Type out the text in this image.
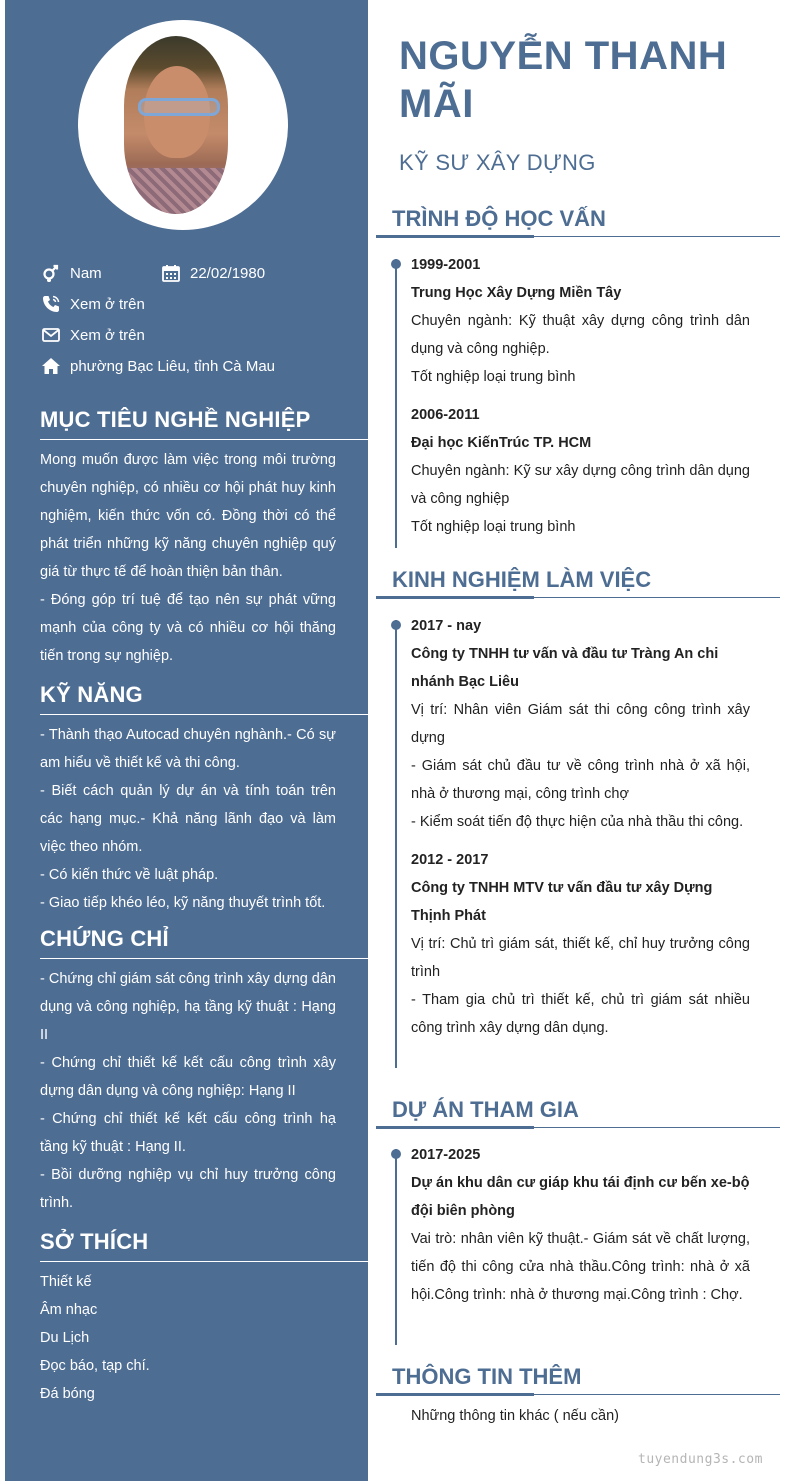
Nam	22/02/1980
Xem ở trên
Xem ở trên
phường Bạc Liêu, tỉnh Cà Mau
MỤC TIÊU NGHỀ NGHIỆP

Mong muốn được làm việc trong môi trường chuyên nghiệp, có nhiều cơ hội phát huy kinh nghiệm, kiến thức vốn có. Đồng thời có thể phát triển những kỹ năng chuyên nghiệp quý giá từ thực tế để hoàn thiện bản thân.

- Đóng góp trí tuệ để tạo nên sự phát vững mạnh của công ty và có nhiều cơ hội thăng tiến trong sự nghiệp.

KỸ NĂNG

- Thành thạo Autocad chuyên nghành.- Có sự am hiểu về thiết kế và thi công.

- Biết cách quản lý dự án và tính toán trên các hạng mục.- Khả năng lãnh đạo và làm việc theo nhóm.

- Có kiến thức về luật pháp.

- Giao tiếp khéo léo, kỹ năng thuyết trình tốt.

CHỨNG CHỈ

- Chứng chỉ giám sát công trình xây dựng dân dụng và công nghiệp, hạ tầng kỹ thuật : Hạng II

- Chứng chỉ thiết kế kết cấu công trình xây dựng dân dụng và công nghiệp: Hạng II

- Chứng chỉ thiết kế kết cấu công trình hạ tầng kỹ thuật : Hạng II.

- Bồi dưỡng nghiệp vụ chỉ huy trưởng công trình.

SỞ THÍCH
Thiết kế
Âm nhạc
Du Lịch
Đọc báo, tạp chí.
Đá bóng
NGUYỄN THANH MÃI
KỸ SƯ XÂY DỰNG
TRÌNH ĐỘ HỌC VẤN

1999-2001

Trung Học Xây Dựng Miền Tây

Chuyên ngành: Kỹ thuật xây dựng công trình dân dụng và công nghiệp.

Tốt nghiệp loại trung bình

2006-2011

Đại học KiếnTrúc TP. HCM

Chuyên ngành: Kỹ sư xây dựng công trình dân dụng và công nghiệp

Tốt nghiệp loại trung bình

KINH NGHIỆM LÀM VIỆC

2017 - nay

Công ty TNHH tư vấn và đầu tư Tràng An chi nhánh Bạc Liêu

Vị trí: Nhân viên Giám sát thi công công trình xây dựng

- Giám sát chủ đầu tư về công trình nhà ở xã hội, nhà ở thương mại, công trình chợ

- Kiểm soát tiến độ thực hiện của nhà thầu thi công.

2012 - 2017

Công ty TNHH MTV tư vấn đầu tư xây Dựng Thịnh Phát

Vị trí: Chủ trì giám sát, thiết kế, chỉ huy trưởng công trình

- Tham gia chủ trì thiết kế, chủ trì giám sát nhiều công trình xây dựng dân dụng.

DỰ ÁN THAM GIA

2017-2025

Dự án khu dân cư giáp khu tái định cư bến xe-bộ đội biên phòng

Vai trò: nhân viên kỹ thuật.- Giám sát về chất lượng, tiến độ thi công cửa nhà thầu.Công trình: nhà ở xã hội.Công trình: nhà ở thương mại.Công trình : Chợ.

THÔNG TIN THÊM
Những thông tin khác ( nếu cần)
tuyendung3s.com
